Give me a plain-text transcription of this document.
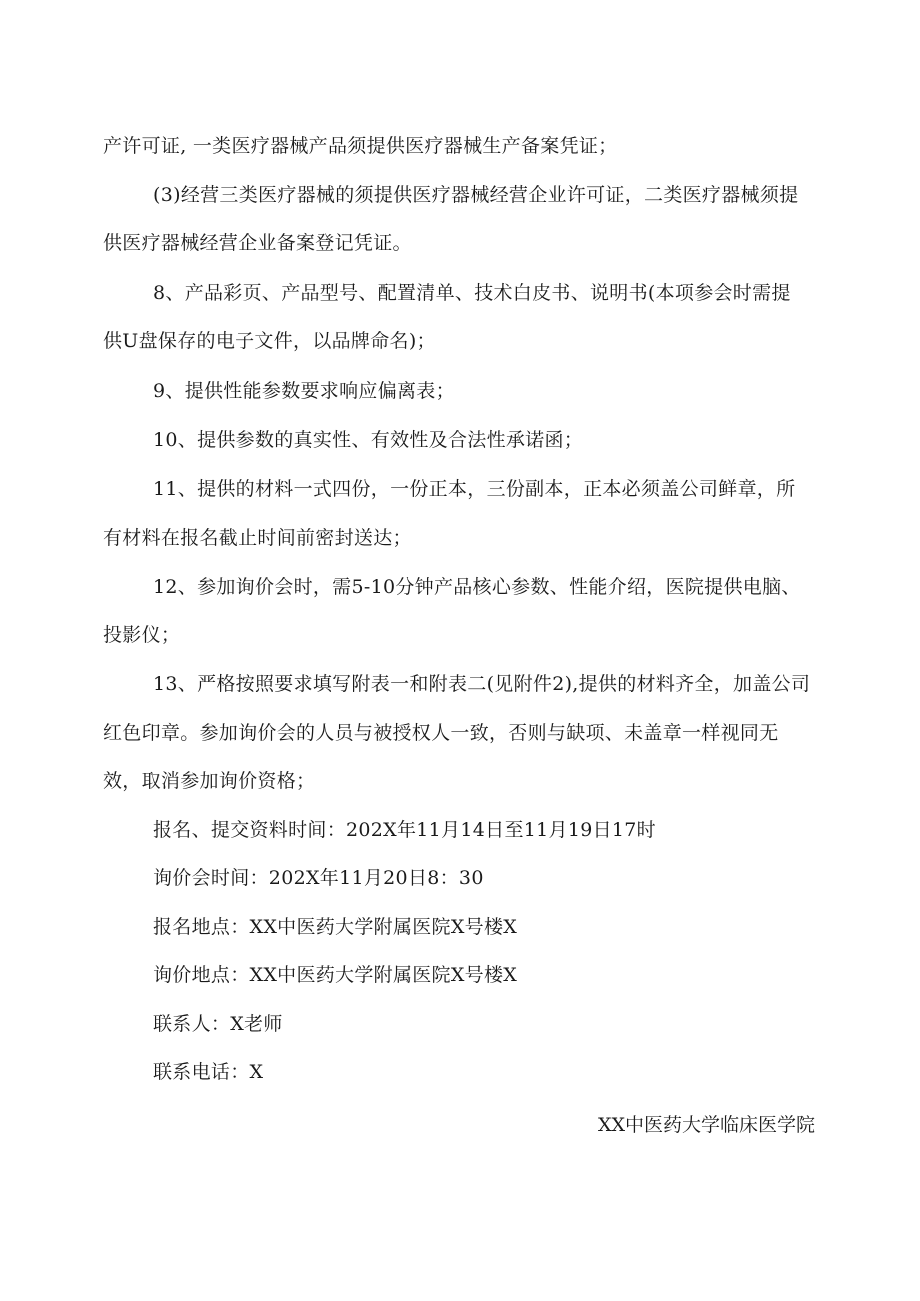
产许可证, 一类医疗器械产品须提供医疗器械生产备案凭证；
(3)经营三类医疗器械的须提供医疗器械经营企业许可证，二类医疗器械须提
供医疗器械经营企业备案登记凭证。
8、产品彩页、产品型号、配置清单、技术白皮书、说明书(本项参会时需提
供U盘保存的电子文件，以品牌命名)；
9、提供性能参数要求响应偏离表；
10、提供参数的真实性、有效性及合法性承诺函；
11、提供的材料一式四份，一份正本，三份副本，正本必须盖公司鲜章，所
有材料在报名截止时间前密封送达；
12、参加询价会时，需5-10分钟产品核心参数、性能介绍，医院提供电脑、
投影仪；
13、严格按照要求填写附表一和附表二(见附件2),提供的材料齐全，加盖公司
红色印章。参加询价会的人员与被授权人一致，否则与缺项、未盖章一样视同无
效，取消参加询价资格；
报名、提交资料时间：202X年11月14日至11月19日17时
询价会时间：202X年11月20日8：30
报名地点：XX中医药大学附属医院X号楼X
询价地点：XX中医药大学附属医院X号楼X
联系人：X老师
联系电话：X
XX中医药大学临床医学院
